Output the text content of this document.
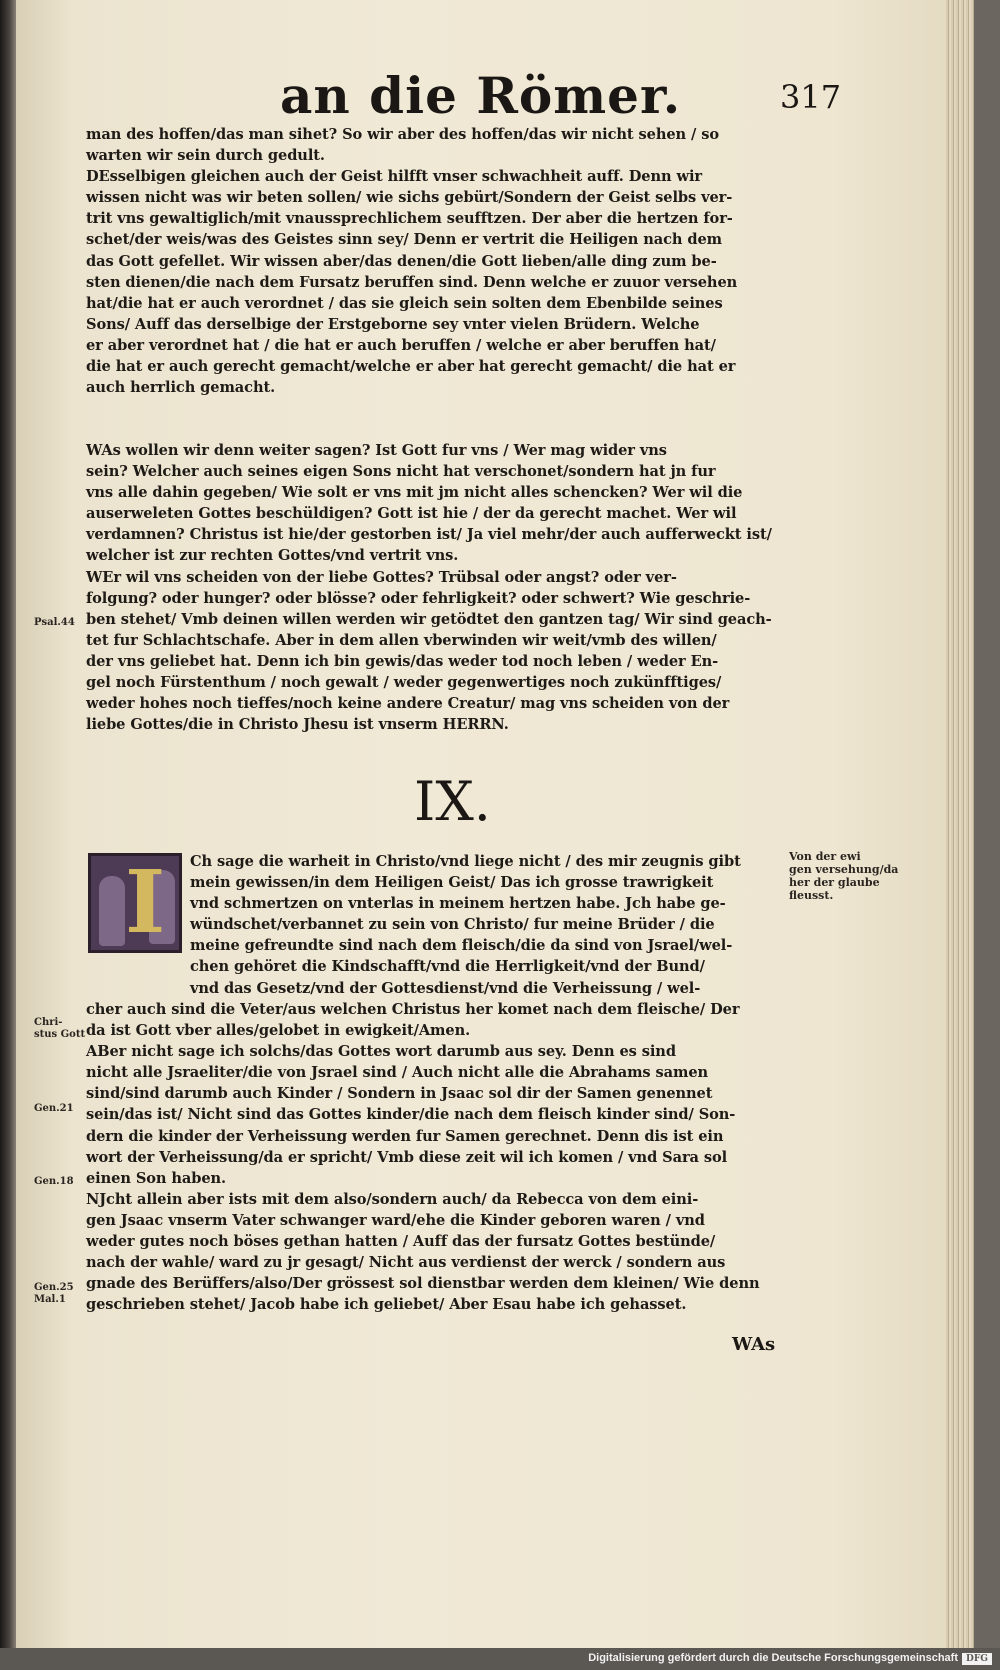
an die Römer.	317
man des hoffen/das man sihet? So wir aber des hoffen/das wir nicht sehen / so
warten wir sein durch gedult.
DEsselbigen gleichen auch der Geist hilfft vnser schwachheit auff. Denn wir
wissen nicht was wir beten sollen/ wie sichs gebürt/Sondern der Geist selbs ver-
trit vns gewaltiglich/mit vnaussprechlichem seufftzen. Der aber die hertzen for-
schet/der weis/was des Geistes sinn sey/ Denn er vertrit die Heiligen nach dem
das Gott gefellet. Wir wissen aber/das denen/die Gott lieben/alle ding zum be-
sten dienen/die nach dem Fursatz beruffen sind. Denn welche er zuuor versehen
hat/die hat er auch verordnet / das sie gleich sein solten dem Ebenbilde seines
Sons/ Auff das derselbige der Erstgeborne sey vnter vielen Brüdern. Welche
er aber verordnet hat / die hat er auch beruffen / welche er aber beruffen hat/
die hat er auch gerecht gemacht/welche er aber hat gerecht gemacht/ die hat er
auch herrlich gemacht.
WAs wollen wir denn weiter sagen? Ist Gott fur vns / Wer mag wider vns
sein? Welcher auch seines eigen Sons nicht hat verschonet/sondern hat jn fur
vns alle dahin gegeben/ Wie solt er vns mit jm nicht alles schencken? Wer wil die
auserweleten Gottes beschüldigen? Gott ist hie / der da gerecht machet. Wer wil
verdamnen? Christus ist hie/der gestorben ist/ Ja viel mehr/der auch aufferweckt ist/
welcher ist zur rechten Gottes/vnd vertrit vns.
WEr wil vns scheiden von der liebe Gottes? Trübsal oder angst? oder ver-
folgung? oder hunger? oder blösse? oder fehrligkeit? oder schwert? Wie geschrie-
ben stehet/ Vmb deinen willen werden wir getödtet den gantzen tag/ Wir sind geach-
tet fur Schlachtschafe. Aber in dem allen vberwinden wir weit/vmb des willen/
der vns geliebet hat. Denn ich bin gewis/das weder tod noch leben / weder En-
gel noch Fürstenthum / noch gewalt / weder gegenwertiges noch zukünfftiges/
weder hohes noch tieffes/noch keine andere Creatur/ mag vns scheiden von der
liebe Gottes/die in Christo Jhesu ist vnserm HERRN.
IX.
I Ch sage die warheit in Christo/vnd liege nicht / des mir zeugnis gibt
mein gewissen/in dem Heiligen Geist/ Das ich grosse trawrigkeit
vnd schmertzen on vnterlas in meinem hertzen habe. Jch habe ge-
wündschet/verbannet zu sein von Christo/ fur meine Brüder / die
meine gefreundte sind nach dem fleisch/die da sind von Jsrael/wel-
chen gehöret die Kindschafft/vnd die Herrligkeit/vnd der Bund/
vnd das Gesetz/vnd der Gottesdienst/vnd die Verheissung / wel-
cher auch sind die Veter/aus welchen Christus her komet nach dem fleische/ Der
da ist Gott vber alles/gelobet in ewigkeit/Amen.
ABer nicht sage ich solchs/das Gottes wort darumb aus sey. Denn es sind
nicht alle Jsraeliter/die von Jsrael sind / Auch nicht alle die Abrahams samen
sind/sind darumb auch Kinder / Sondern in Jsaac sol dir der Samen genennet
sein/das ist/ Nicht sind das Gottes kinder/die nach dem fleisch kinder sind/ Son-
dern die kinder der Verheissung werden fur Samen gerechnet. Denn dis ist ein
wort der Verheissung/da er spricht/ Vmb diese zeit wil ich komen / vnd Sara sol
einen Son haben.
NJcht allein aber ists mit dem also/sondern auch/ da Rebecca von dem eini-
gen Jsaac vnserm Vater schwanger ward/ehe die Kinder geboren waren / vnd
weder gutes noch böses gethan hatten / Auff das der fursatz Gottes bestünde/
nach der wahle/ ward zu jr gesagt/ Nicht aus verdienst der werck / sondern aus
gnade des Berüffers/also/Der grössest sol dienstbar werden dem kleinen/ Wie denn
geschrieben stehet/ Jacob habe ich geliebet/ Aber Esau habe ich gehasset.
Psal.44
Chri-
stus Gott
Gen.21
Gen.18
Gen.25
Mal.1
Von der ewi
gen versehung/da
her der glaube
fleusst.
WAs
Digitalisierung gefördert durch die Deutsche Forschungsgemeinschaft DFG
